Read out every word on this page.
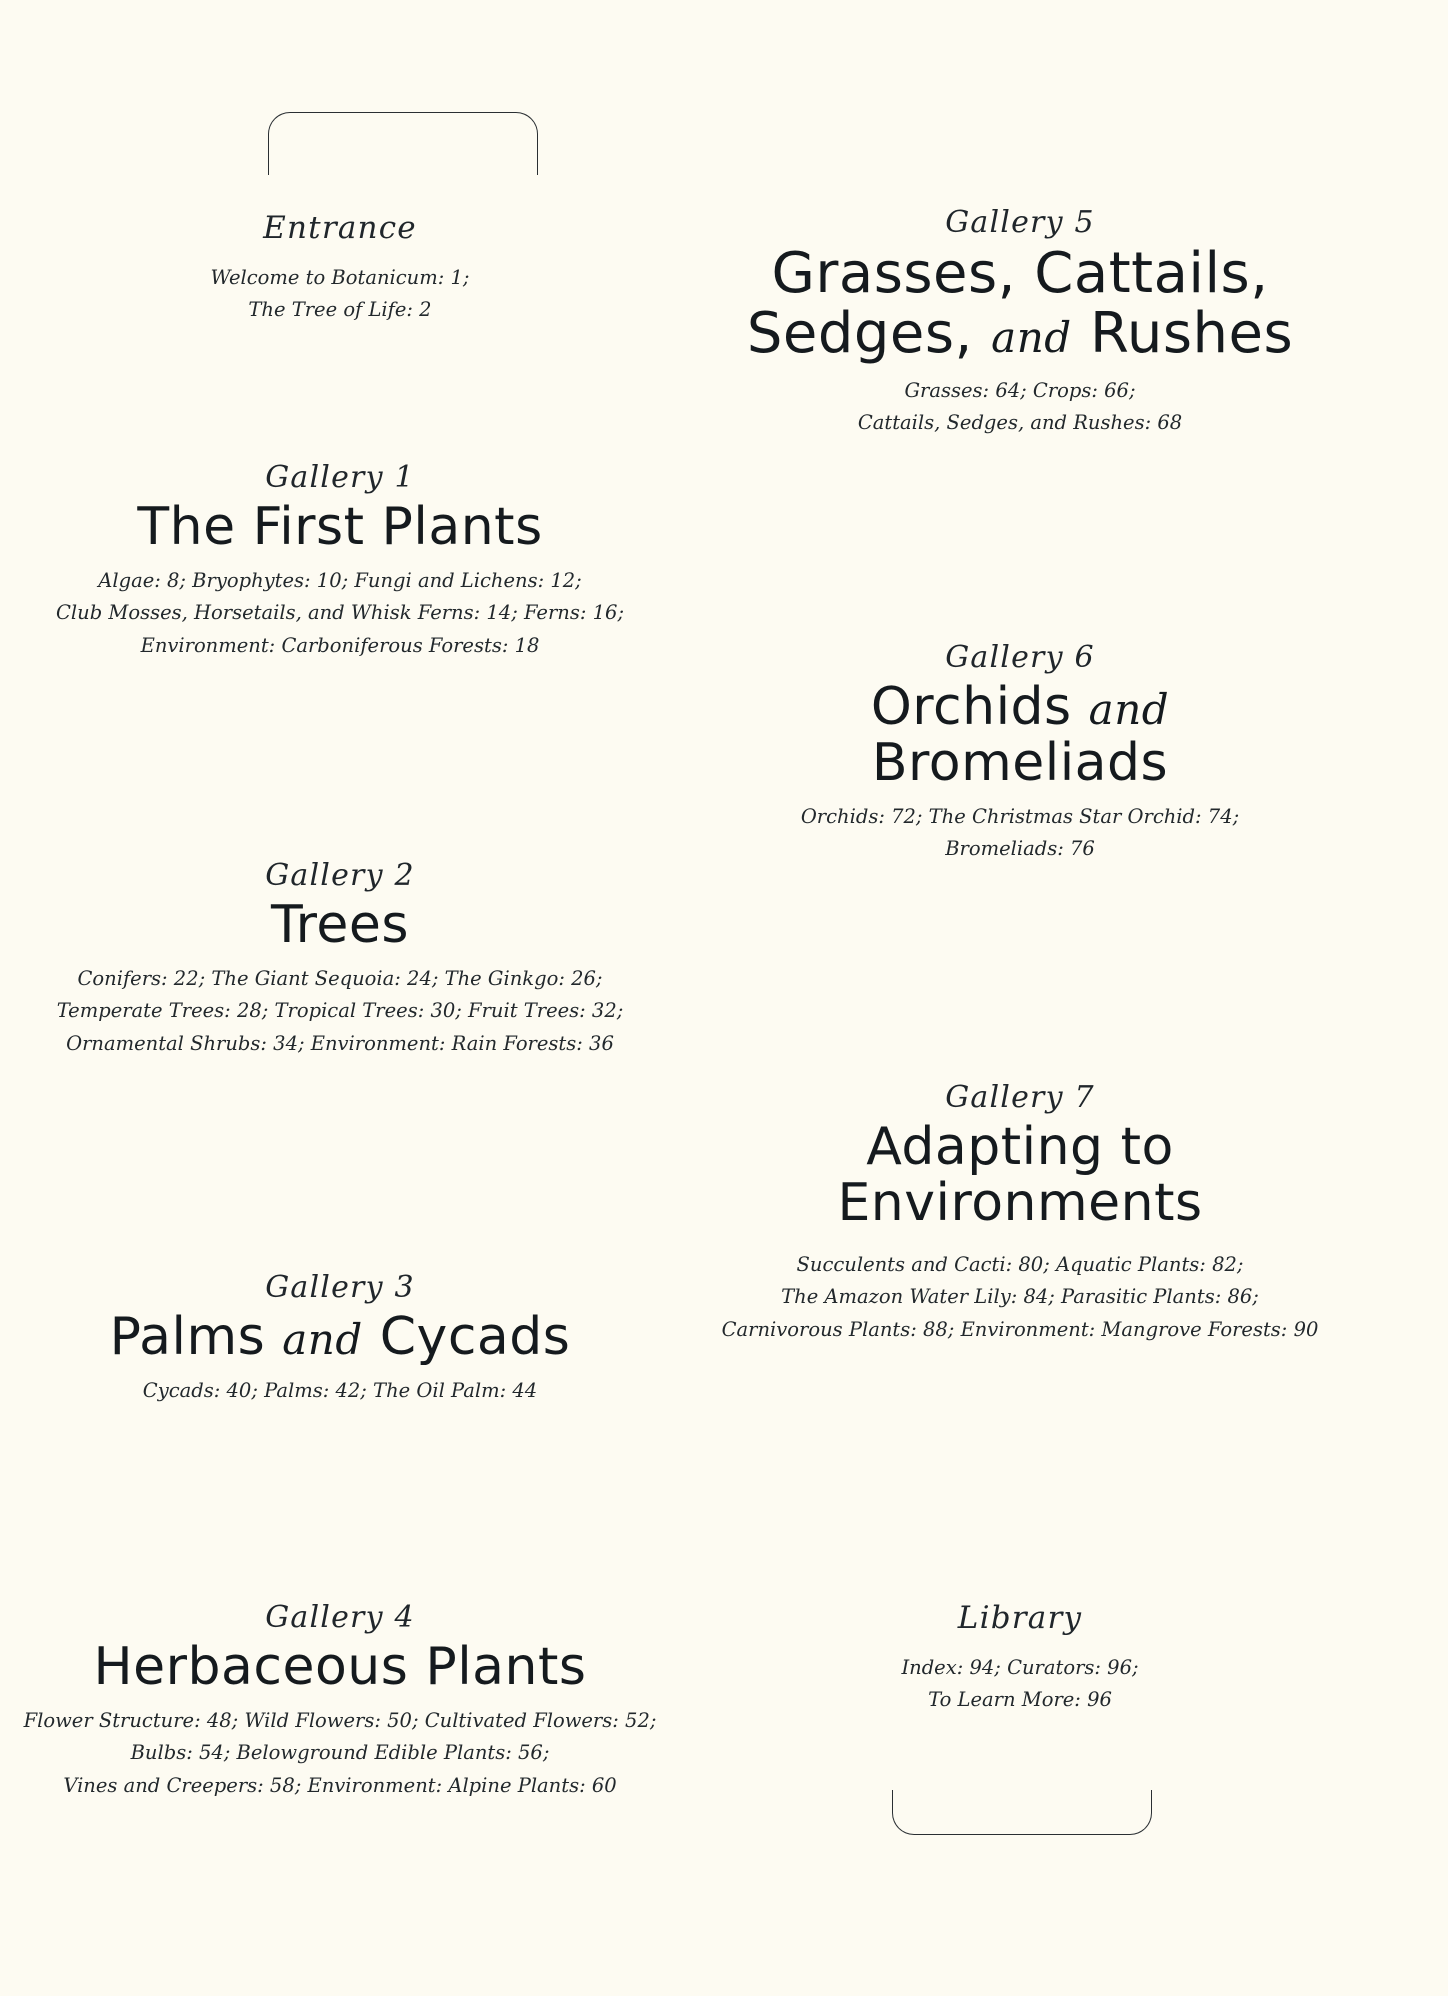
Entrance
Welcome to Botanicum: 1;
The Tree of Life: 2
Gallery 1
The First Plants
Algae: 8; Bryophytes: 10; Fungi and Lichens: 12;
Club Mosses, Horsetails, and Whisk Ferns: 14; Ferns: 16;
Environment: Carboniferous Forests: 18
Gallery 2
Trees
Conifers: 22; The Giant Sequoia: 24; The Ginkgo: 26;
Temperate Trees: 28; Tropical Trees: 30; Fruit Trees: 32;
Ornamental Shrubs: 34; Environment: Rain Forests: 36
Gallery 3
Palms and Cycads
Cycads: 40; Palms: 42; The Oil Palm: 44
Gallery 4
Herbaceous Plants
Flower Structure: 48; Wild Flowers: 50; Cultivated Flowers: 52;
Bulbs: 54; Belowground Edible Plants: 56;
Vines and Creepers: 58; Environment: Alpine Plants: 60
Gallery 5
Grasses, Cattails,
Sedges, and Rushes
Grasses: 64; Crops: 66;
Cattails, Sedges, and Rushes: 68
Gallery 6
Orchids and
Bromeliads
Orchids: 72; The Christmas Star Orchid: 74;
Bromeliads: 76
Gallery 7
Adapting to
Environments
Succulents and Cacti: 80; Aquatic Plants: 82;
The Amazon Water Lily: 84; Parasitic Plants: 86;
Carnivorous Plants: 88; Environment: Mangrove Forests: 90
Library
Index: 94; Curators: 96;
To Learn More: 96
